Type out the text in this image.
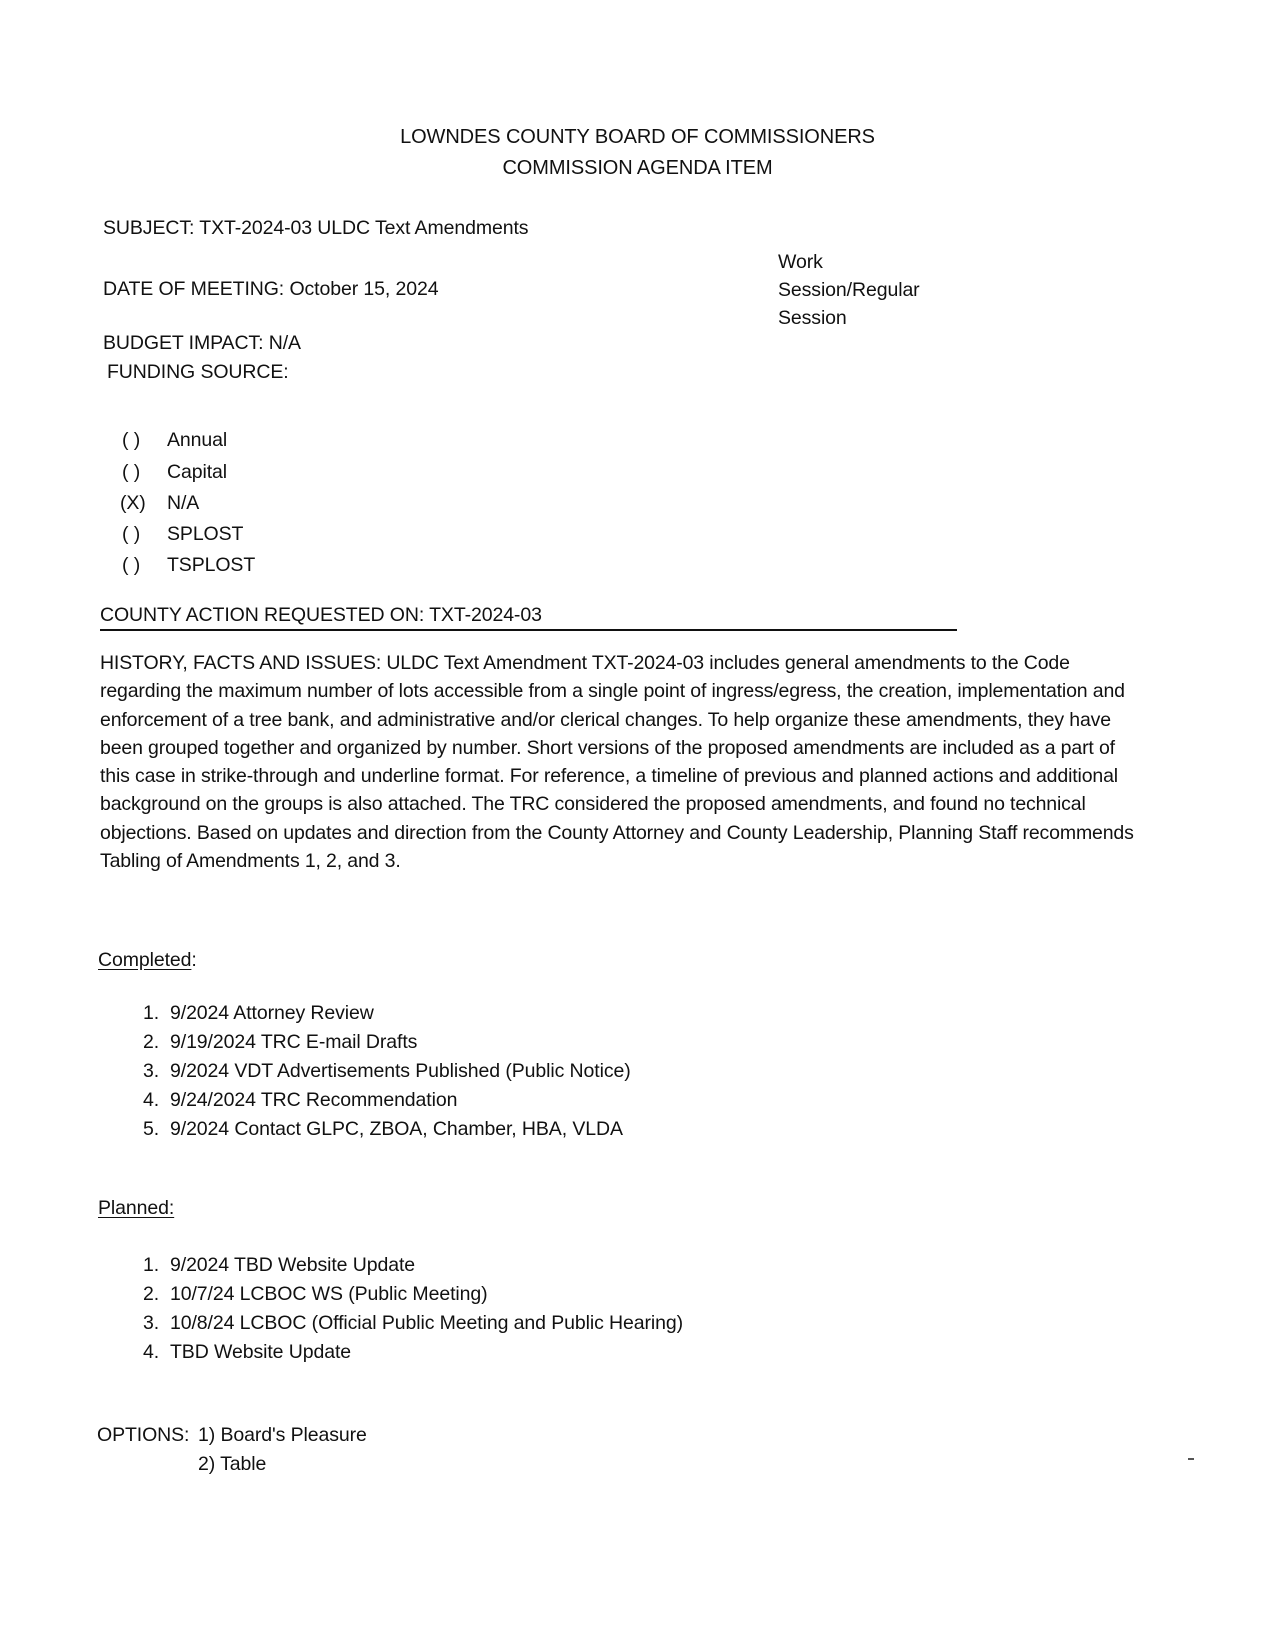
LOWNDES COUNTY BOARD OF COMMISSIONERS
COMMISSION AGENDA ITEM
SUBJECT: TXT-2024-03 ULDC Text Amendments
DATE OF MEETING: October 15, 2024
Work
Session/Regular
Session
BUDGET IMPACT: N/A
FUNDING SOURCE:
( ) Annual
( ) Capital
(X) N/A
( ) SPLOST
( ) TSPLOST
COUNTY ACTION REQUESTED ON: TXT-2024-03
HISTORY, FACTS AND ISSUES: ULDC Text Amendment TXT-2024-03 includes general amendments to the Code regarding the maximum number of lots accessible from a single point of ingress/egress, the creation, implementation and enforcement of a tree bank, and administrative and/or clerical changes. To help organize these amendments, they have been grouped together and organized by number. Short versions of the proposed amendments are included as a part of this case in strike-through and underline format. For reference, a timeline of previous and planned actions and additional background on the groups is also attached. The TRC considered the proposed amendments, and found no technical objections. Based on updates and direction from the County Attorney and County Leadership, Planning Staff recommends Tabling of Amendments 1, 2, and 3.
Completed:
1. 9/2024 Attorney Review
2. 9/19/2024 TRC E-mail Drafts
3. 9/2024 VDT Advertisements Published (Public Notice)
4. 9/24/2024 TRC Recommendation
5. 9/2024 Contact GLPC, ZBOA, Chamber, HBA, VLDA
Planned:
1. 9/2024 TBD Website Update
2. 10/7/24 LCBOC WS (Public Meeting)
3. 10/8/24 LCBOC (Official Public Meeting and Public Hearing)
4. TBD Website Update
OPTIONS: 1) Board's Pleasure
2) Table
